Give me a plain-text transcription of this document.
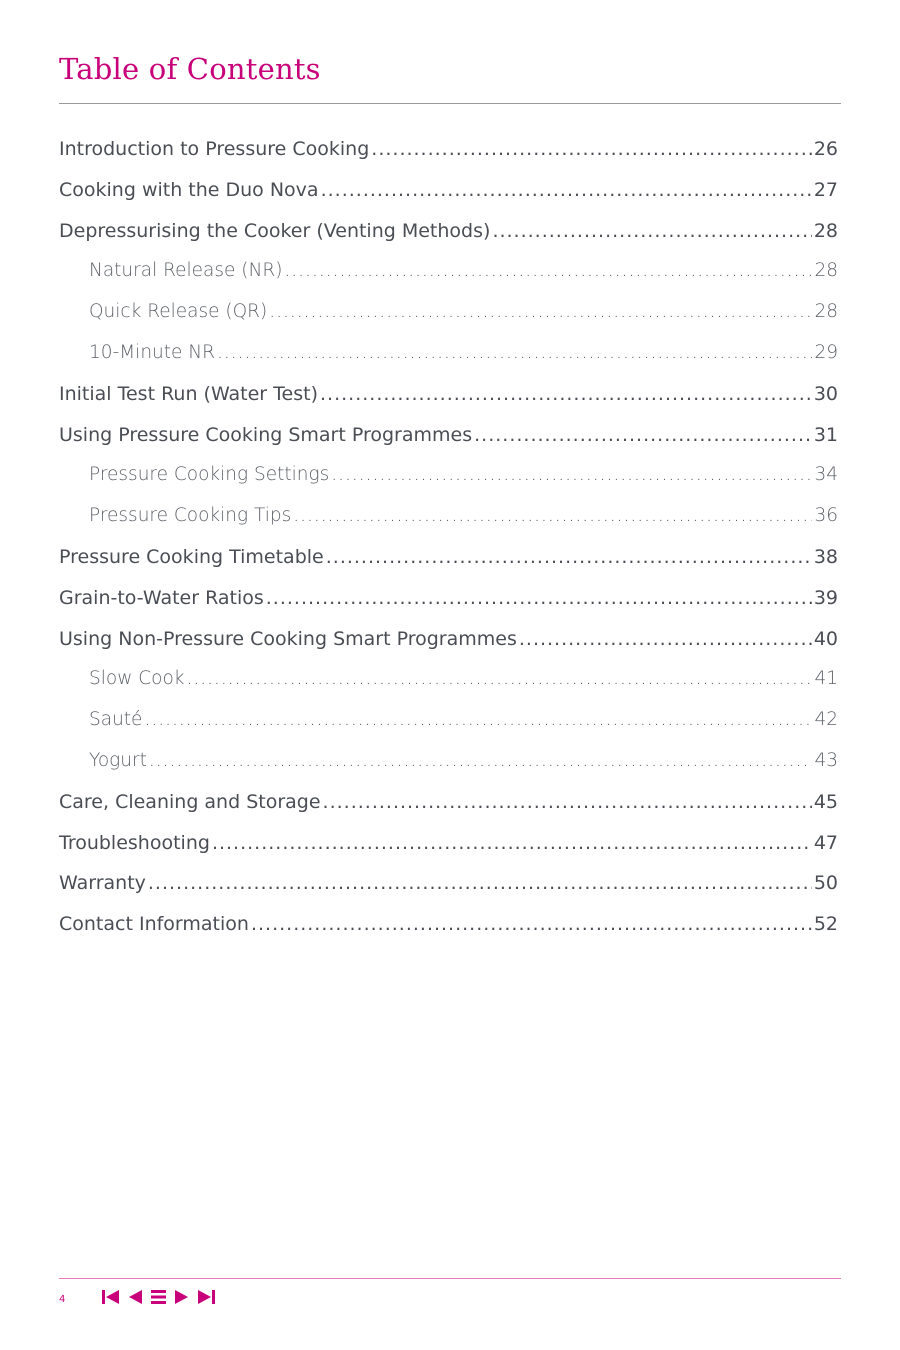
Table of Contents
Introduction to Pressure Cooking .....	26
Cooking with the Duo Nova .....	27
Depressurising the Cooker (Venting Methods) .....	28
Natural Release (NR) .....	28
Quick Release (QR) .....	28
10-Minute NR .....	29
Initial Test Run (Water Test) .....	30
Using Pressure Cooking Smart Programmes .....	31
Pressure Cooking Settings .....	34
Pressure Cooking Tips .....	36
Pressure Cooking Timetable .....	38
Grain-to-Water Ratios .....	39
Using Non-Pressure Cooking Smart Programmes .....	40
Slow Cook .....	41
Sauté .....	42
Yogurt .....	43
Care, Cleaning and Storage .....	45
Troubleshooting .....	47
Warranty .....	50
Contact Information .....	52
4
